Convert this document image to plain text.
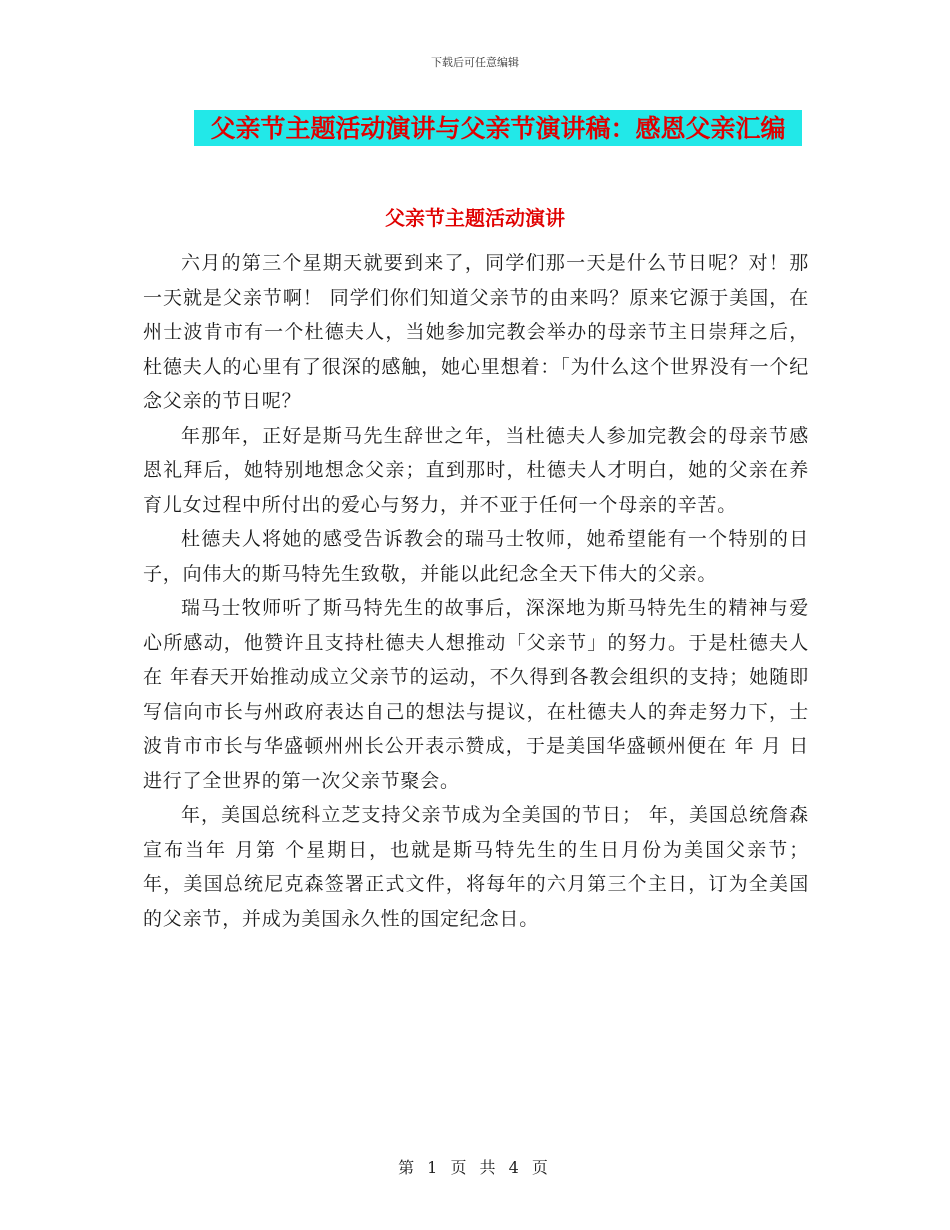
下载后可任意编辑
父亲节主题活动演讲与父亲节演讲稿：感恩父亲汇编
父亲节主题活动演讲

六月的第三个星期天就要到来了，同学们那一天是什么节日呢？对！那一天就是父亲节啊！ 同学们你们知道父亲节的由来吗？原来它源于美国，在 州士波肯市有一个杜德夫人，当她参加完教会举办的母亲节主日崇拜之后，杜德夫人的心里有了很深的感触，她心里想着：「为什么这个世界没有一个纪念父亲的节日呢？

年那年，正好是斯马先生辞世之年，当杜德夫人参加完教会的母亲节感恩礼拜后，她特别地想念父亲；直到那时，杜德夫人才明白，她的父亲在养育儿女过程中所付出的爱心与努力，并不亚于任何一个母亲的辛苦。

杜德夫人将她的感受告诉教会的瑞马士牧师，她希望能有一个特别的日子，向伟大的斯马特先生致敬，并能以此纪念全天下伟大的父亲。

瑞马士牧师听了斯马特先生的故事后，深深地为斯马特先生的精神与爱心所感动，他赞许且支持杜德夫人想推动「父亲节」的努力。于是杜德夫人在 年春天开始推动成立父亲节的运动，不久得到各教会组织的支持；她随即写信向市长与州政府表达自己的想法与提议，在杜德夫人的奔走努力下，士波肯市市长与华盛顿州州长公开表示赞成，于是美国华盛顿州便在 年 月 日进行了全世界的第一次父亲节聚会。

年，美国总统科立芝支持父亲节成为全美国的节日； 年，美国总统詹森宣布当年 月第 个星期日，也就是斯马特先生的生日月份为美国父亲节； 年，美国总统尼克森签署正式文件，将每年的六月第三个主日，订为全美国的父亲节，并成为美国永久性的国定纪念日。

第 1 页 共 4 页
